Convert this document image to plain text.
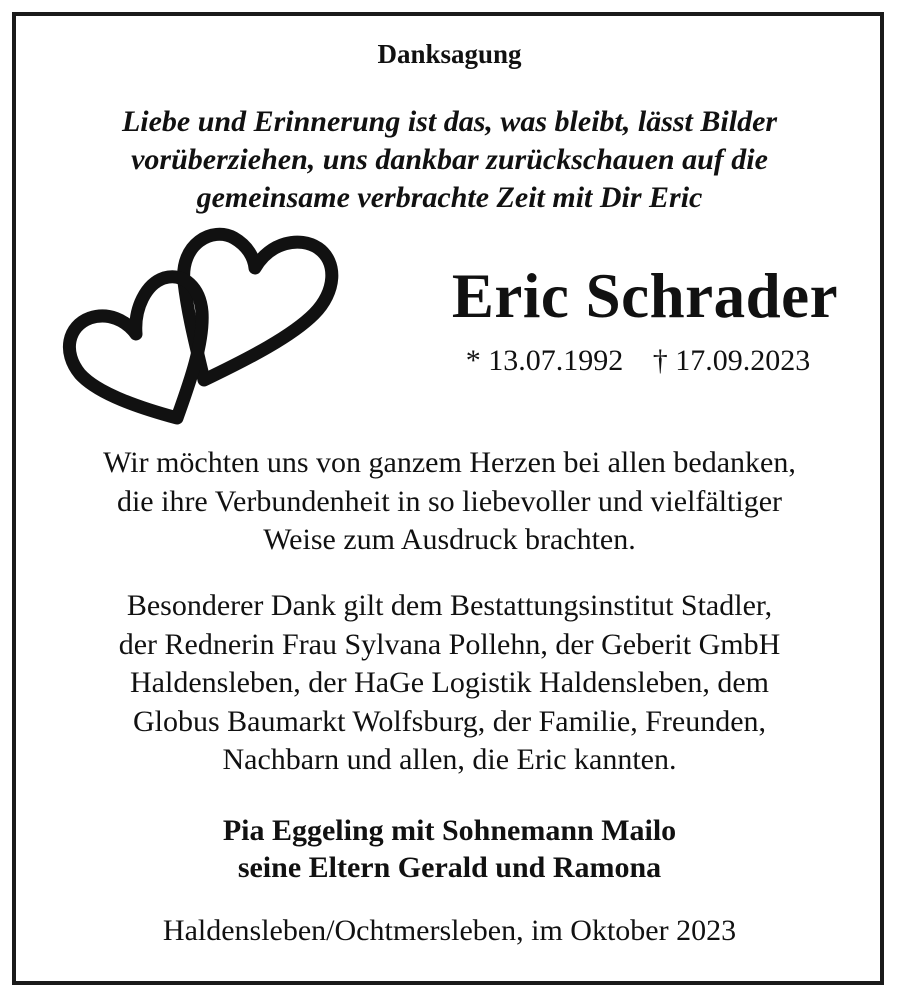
Danksagung
Liebe und Erinnerung ist das, was bleibt, lässt Bilder
vorüberziehen, uns dankbar zurückschauen auf die
gemeinsame verbrachte Zeit mit Dir Eric
Eric Schrader
* 13.07.1992 † 17.09.2023
Wir möchten uns von ganzem Herzen bei allen bedanken,
die ihre Verbundenheit in so liebevoller und vielfältiger
Weise zum Ausdruck brachten.
Besonderer Dank gilt dem Bestattungsinstitut Stadler,
der Rednerin Frau Sylvana Pollehn, der Geberit GmbH
Haldensleben, der HaGe Logistik Haldensleben, dem
Globus Baumarkt Wolfsburg, der Familie, Freunden,
Nachbarn und allen, die Eric kannten.
Pia Eggeling mit Sohnemann Mailo
seine Eltern Gerald und Ramona
Haldensleben/Ochtmersleben, im Oktober 2023
